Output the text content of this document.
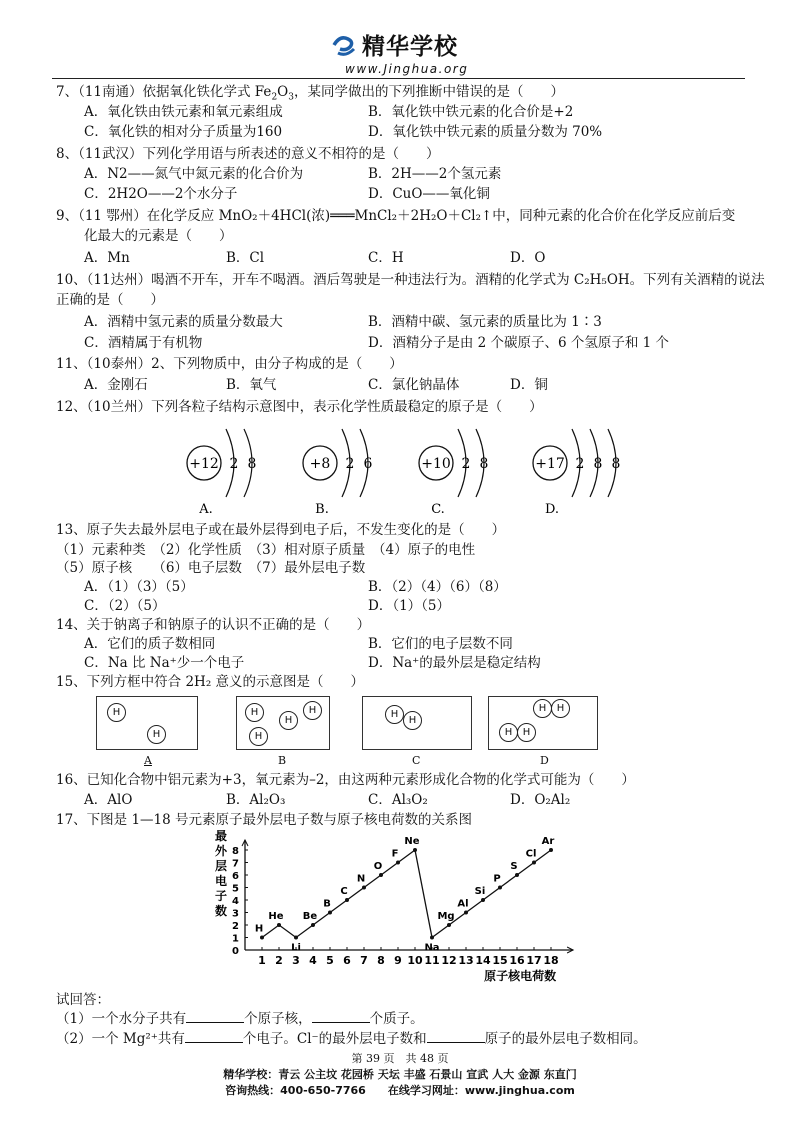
精华学校
www.Jinghua.org
7、（11南通）依据氧化铁化学式 $Fe_2O_3$，某同学做出的下列推断中错误的是（　　）
A．氧化铁由铁元素和氧元素组成	B．氧化铁中铁元素的化合价是+2
C．氧化铁的相对分子质量为160	D．氧化铁中铁元素的质量分数为 70%
8、（11武汉）下列化学用语与所表述的意义不相符的是（　　）
A．N2——氮气中氮元素的化合价为	B．2H——2个氢元素
C．2H2O——2个水分子	D．CuO——氧化铜
9、（11 鄂州）在化学反应 MnO₂＋4HCl(浓)═══MnCl₂＋2H₂O＋Cl₂↑中，同种元素的化合价在化学反应前后变
化最大的元素是（　　）
A．Mn	B．Cl	C．H	D．O
10、（11达州）喝酒不开车，开车不喝酒。酒后驾驶是一种违法行为。酒精的化学式为 C₂H₅OH。下列有关酒精的说法
正确的是（　　）
A．酒精中氢元素的质量分数最大	B．酒精中碳、氢元素的质量比为 1∶3
C．酒精属于有机物	D．酒精分子是由 2 个碳原子、6 个氢原子和 1 个
11、（10泰州）2、下列物质中，由分子构成的是（　　）
A．金刚石	B．氧气	C．氯化钠晶体	D．铜
12、（10兰州）下列各粒子结构示意图中，表示化学性质最稳定的原子是（　　）
+12 2 8
A.
+8 2 6
B.
+10 2 8
C.
+17 2 8 8
D.
13、原子失去最外层电子或在最外层得到电子后，不发生变化的是（　　）
（1）元素种类　（2）化学性质　（3）相对原子质量　（4）原子的电性
（5）原子核　　（6）电子层数　（7）最外层电子数
A．（1）（3）（5）	B．（2）（4）（6）（8）
C．（2）（5）	D．（1）（5）
14、关于钠离子和钠原子的认识不正确的是（　　）
A．它们的质子数相同	B．它们的电子层数不同
C．Na 比 Na⁺少一个电子	D．Na⁺的最外层是稳定结构
15、下列方框中符合 2H₂ 意义的示意图是（　　）
H
H
H
H
H
H
H
H
H	H
H	H
A	B	C	D
16、已知化合物中铝元素为+3，氧元素为–2，由这两种元素形成化合物的化学式可能为（　　）
A．AlO	B．Al₂O₃	C．Al₃O₂	D．O₂Al₂
17、下图是 1—18 号元素原子最外层电子数与原子核电荷数的关系图
1 2 3 4 5 6 7 8 9 10 11 12 13 14 15 16 17 18
0
1
2
3
4
5
6
7
8
最外层电子数
原子核电荷数
H
He
Li
Be
B
C
N
O
F
Ne
Na
Mg
Al
Si
P
S
Cl
Ar
试回答：
（1）一个水分子共有	个原子核，	个质子。
（2）一个 Mg²⁺共有	个电子。Cl⁻的最外层电子数和	原子的最外层电子数相同。
第 39 页　共 48 页
精华学校：青云 公主坟 花园桥 天坛 丰盛 石景山 宣武 人大 金源 东直门
咨询热线：400-650-7766　　在线学习网址：www.jinghua.com
